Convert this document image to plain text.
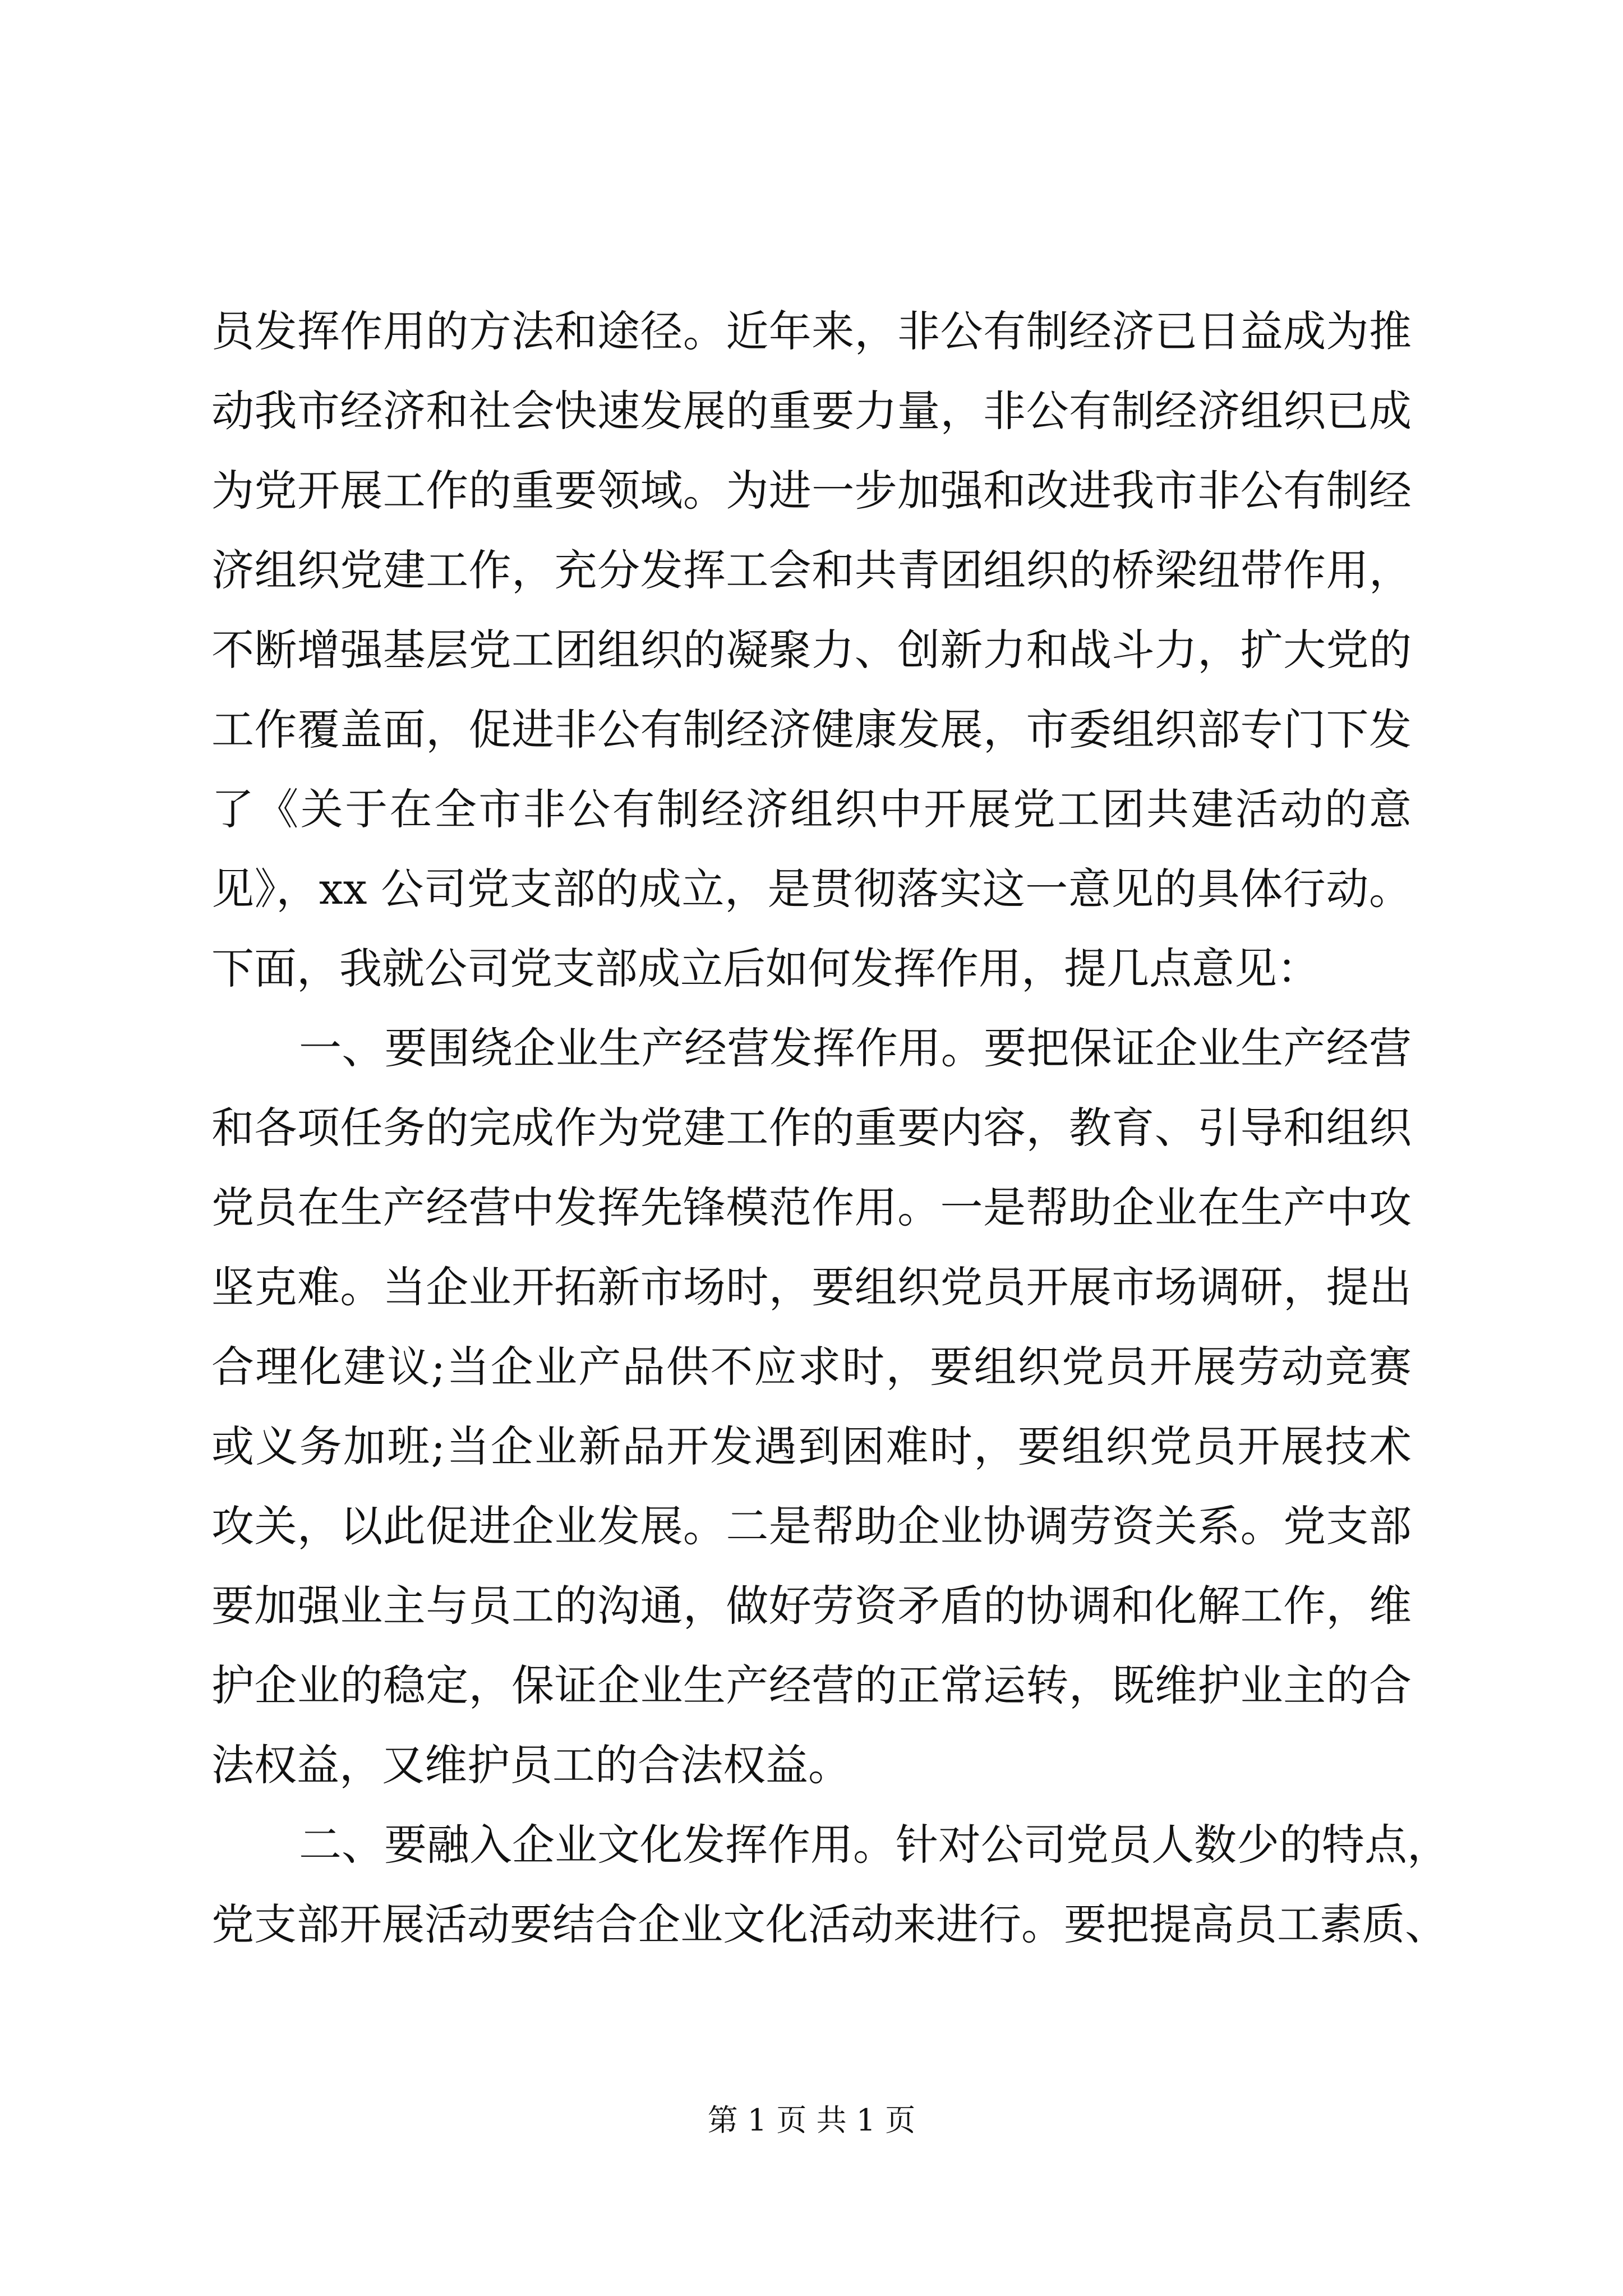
员发挥作用的方法和途径。近年来，非公有制经济已日益成为推
动我市经济和社会快速发展的重要力量，非公有制经济组织已成
为党开展工作的重要领域。为进一步加强和改进我市非公有制经
济组织党建工作，充分发挥工会和共青团组织的桥梁纽带作用，
不断增强基层党工团组织的凝聚力、创新力和战斗力，扩大党的
工作覆盖面，促进非公有制经济健康发展，市委组织部专门下发
了《关于在全市非公有制经济组织中开展党工团共建活动的意
见》，xx 公司党支部的成立，是贯彻落实这一意见的具体行动。
下面，我就公司党支部成立后如何发挥作用，提几点意见：
一、要围绕企业生产经营发挥作用。要把保证企业生产经营
和各项任务的完成作为党建工作的重要内容，教育、引导和组织
党员在生产经营中发挥先锋模范作用。一是帮助企业在生产中攻
坚克难。当企业开拓新市场时，要组织党员开展市场调研，提出
合理化建议;当企业产品供不应求时，要组织党员开展劳动竞赛
或义务加班;当企业新品开发遇到困难时，要组织党员开展技术
攻关，以此促进企业发展。二是帮助企业协调劳资关系。党支部
要加强业主与员工的沟通，做好劳资矛盾的协调和化解工作，维
护企业的稳定，保证企业生产经营的正常运转，既维护业主的合
法权益，又维护员工的合法权益。
二、要融入企业文化发挥作用。针对公司党员人数少的特点，
党支部开展活动要结合企业文化活动来进行。要把提高员工素质、
第 1 页 共 1 页
